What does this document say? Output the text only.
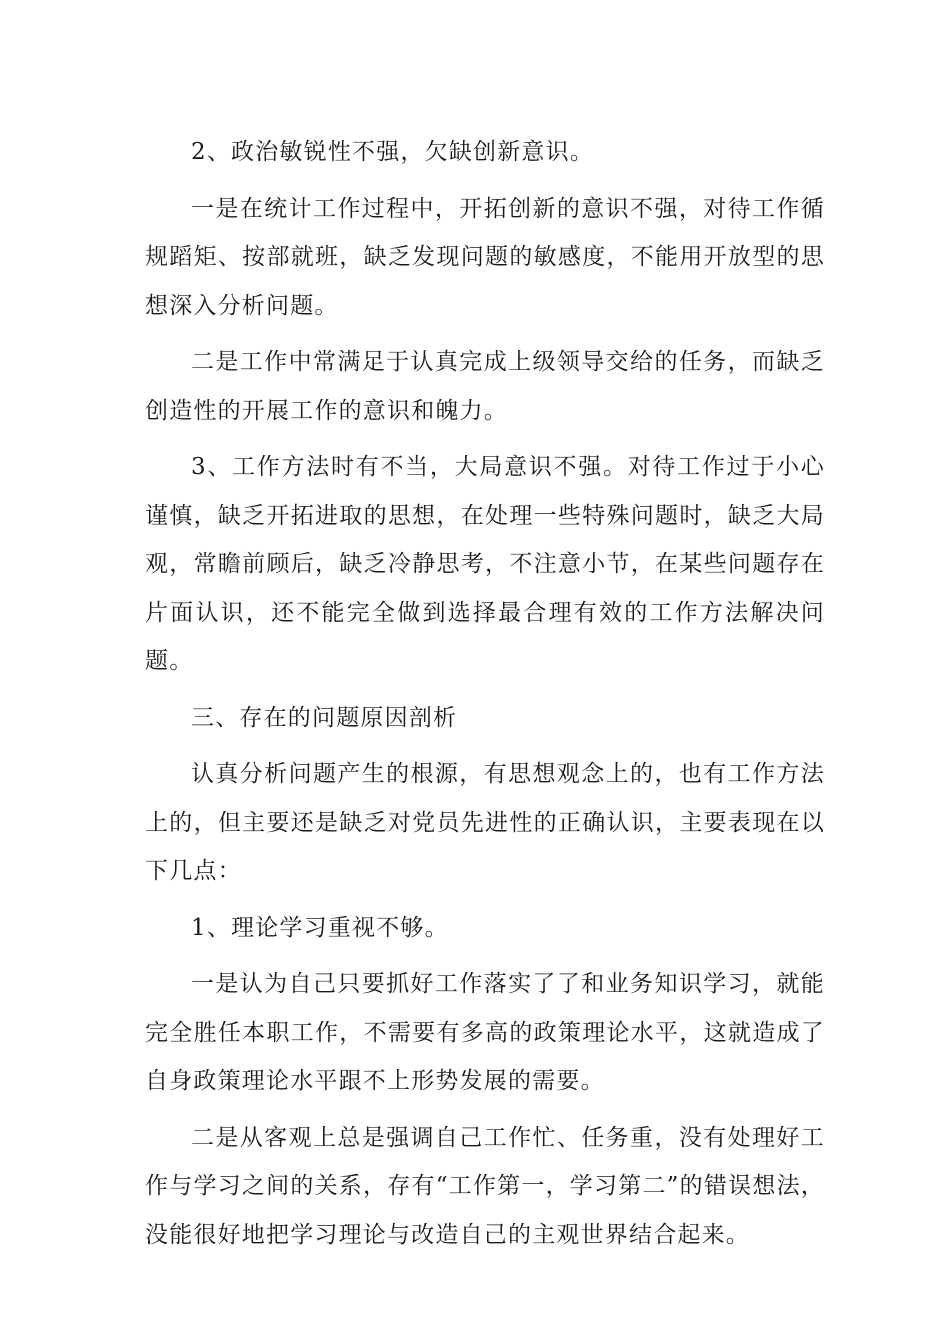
2、政治敏锐性不强，欠缺创新意识。

一是在统计工作过程中，开拓创新的意识不强，对待工作循规蹈矩、按部就班，缺乏发现问题的敏感度，不能用开放型的思想深入分析问题。

二是工作中常满足于认真完成上级领导交给的任务，而缺乏创造性的开展工作的意识和魄力。

3、工作方法时有不当，大局意识不强。对待工作过于小心谨慎，缺乏开拓进取的思想，在处理一些特殊问题时，缺乏大局观，常瞻前顾后，缺乏冷静思考，不注意小节，在某些问题存在片面认识，还不能完全做到选择最合理有效的工作方法解决问题。

三、存在的问题原因剖析

认真分析问题产生的根源，有思想观念上的，也有工作方法上的，但主要还是缺乏对党员先进性的正确认识，主要表现在以下几点：

1、理论学习重视不够。

一是认为自己只要抓好工作落实了了和业务知识学习，就能完全胜任本职工作，不需要有多高的政策理论水平，这就造成了自身政策理论水平跟不上形势发展的需要。

二是从客观上总是强调自己工作忙、任务重，没有处理好工作与学习之间的关系，存有“工作第一，学习第二”的错误想法，没能很好地把学习理论与改造自己的主观世界结合起来。
